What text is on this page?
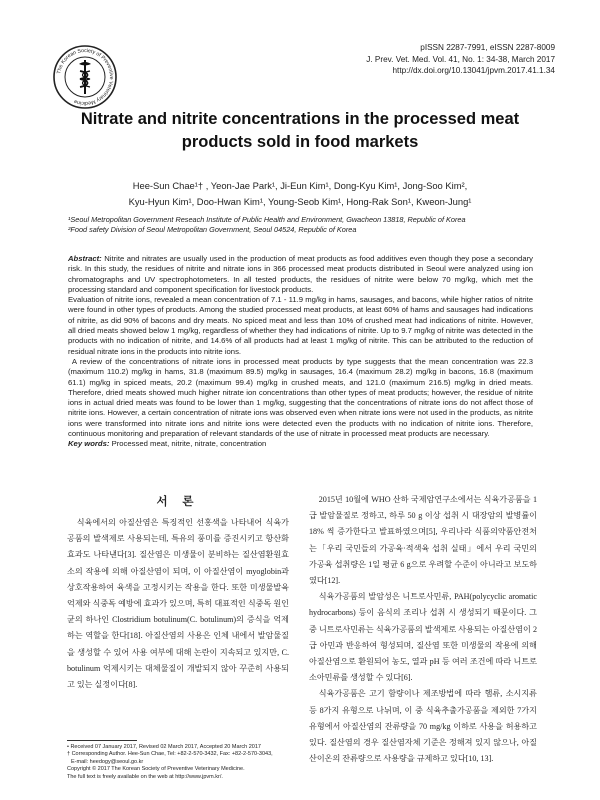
The Korean Society of Preventive Veterinary Medicine
pISSN 2287-7991, eISSN 2287-8009
J. Prev. Vet. Med. Vol. 41, No. 1: 34-38, March 2017
http://dx.doi.org/10.13041/jpvm.2017.41.1.34
Nitrate and nitrite concentrations in the processed meat
products sold in food markets
Hee-Sun Chae¹† , Yeon-Jae Park¹, Ji-Eun Kim¹, Dong-Kyu Kim¹, Jong-Soo Kim²,
Kyu-Hyun Kim¹, Doo-Hwan Kim¹, Young-Seob Kim¹, Hong-Rak Son¹, Kweon-Jung¹
¹Seoul Metropolitan Government Reseach Institute of Public Health and Environment, Gwacheon 13818, Republic of Korea
²Food safety Division of Seoul Metropolitan Government, Seoul 04524, Republic of Korea

Abstract: Nitrite and nitrates are usually used in the production of meat products as food additives even though they pose a secondary risk. In this study, the residues of nitrite and nitrate ions in 366 processed meat products distributed in Seoul were analyzed using ion chromatographs and UV spectrophotometers. In all tested products, the residues of nitrite were below 70 mg/kg, which met the processing standard and component specification for livestock products.

Evaluation of nitrite ions, revealed a mean concentration of 7.1 - 11.9 mg/kg in hams, sausages, and bacons, while higher ratios of nitrite were found in other types of products. Among the studied processed meat products, at least 60% of hams and sausages had indications of nitrite, as did 90% of bacons and dry meats. No spiced meat and less than 10% of crushed meat had indications of nitrite. However, all dried meats showed below 1 mg/kg, regardless of whether they had indications of nitrite. Up to 9.7 mg/kg of nitrite was detected in the products with no indication of nitrite, and 14.6% of all products had at least 1 mg/kg of nitrite. This can be attributed to the reduction of residual nitrate ions in the products into nitrite ions.

A review of the concentrations of nitrate ions in processed meat products by type suggests that the mean concentration was 22.3 (maximum 110.2) mg/kg in hams, 31.8 (maximum 89.5) mg/kg in sausages, 16.4 (maximum 28.2) mg/kg in bacons, 16.8 (maximum 61.1) mg/kg in spiced meats, 20.2 (maximum 99.4) mg/kg in crushed meats, and 121.0 (maximum 216.5) mg/kg in dried meats. Therefore, dried meats showed much higher nitrate ion concentrations than other types of meat products; however, the residue of nitrite ions in actual dried meats was found to be lower than 1 mg/kg, suggesting that the concentrations of nitrate ions do not affect those of nitrite ions. However, a certain concentration of nitrate ions was observed even when nitrate ions were not used in the products, as nitrite ions were transformed into nitrate ions and nitrite ions were detected even the products with no indication of nitrite ions. Therefore, continuous monitoring and preparation of relevant standards of the use of nitrate in processed meat products are necessary.

Key words: Processed meat, nitrite, nitrate, concentration

서 론

식육에서의 아질산염은 특징적인 선홍색을 나타내어 식육가공품의 발색제로 사용되는데, 특유의 풍미를 증진시키고 항산화효과도 나타낸다[3]. 질산염은 미생물이 분비하는 질산염환원효소의 작용에 의해 아질산염이 되며, 이 아질산염이 myoglobin과 상호작용하여 육색을 고정시키는 작용을 한다. 또한 미생물발육억제와 식중독 예방에 효과가 있으며, 특히 대표적인 식중독 원인균의 하나인 Clostridium botulinum(C. botulinum)의 증식을 억제하는 역할을 한다[18]. 아질산염의 사용은 인체 내에서 발암물질을 생성할 수 있어 사용 여부에 대해 논란이 지속되고 있지만, C. botulinum 억제시키는 대체물질이 개발되지 않아 꾸준히 사용되고 있는 실정이다[8].

2015년 10월에 WHO 산하 국제암연구소에서는 식육가공품을 1급 발암물질로 정하고, 하루 50 g 이상 섭취 시 대장암의 발병률이 18% 씩 증가한다고 발표하였으며[5], 우리나라 식품의약품안전처는「우리 국민들의 가공육·적색육 섭취 실태」에서 우리 국민의 가공육 섭취량은 1일 평균 6 g으로 우려할 수준이 아니라고 보도하였다[12].

식육가공품의 발암성은 니트로사민류, PAH(polycyclic aromatic hydrocarbons) 등이 음식의 조리나 섭취 시 생성되기 때문이다. 그 중 니트로사민류는 식육가공품의 발색제로 사용되는 아질산염이 2급 아민과 반응하여 형성되며, 질산염 또한 미생물의 작용에 의해 아질산염으로 환원되어 농도, 열과 pH 등 여러 조건에 따라 니트로소아민류를 생성할 수 있다[6].

식육가공품은 고기 함량이나 제조방법에 따라 햄류, 소시지류 등 8가지 유형으로 나뉘며, 이 중 식육추출가공품을 제외한 7가지 유형에서 아질산염의 잔류량을 70 mg/kg 이하로 사용을 허용하고 있다. 질산염의 경우 질산염자체 기준은 정해져 있지 않으나, 아질산이온의 잔류량으로 사용량을 규제하고 있다[10, 13].

• Received 07 January 2017, Revised 02 March 2017, Accepted 20 March 2017
† Corresponding Author. Hee-Sun Chae, Tel: +82-2-570-3432, Fax: +82-2-570-3043,
E-mail: heedogy@seoul.go.kr
Copyright © 2017 The Korean Society of Preventive Veterinary Medicine.
The full text is freely available on the web at http://www.jpvm.kr/.
